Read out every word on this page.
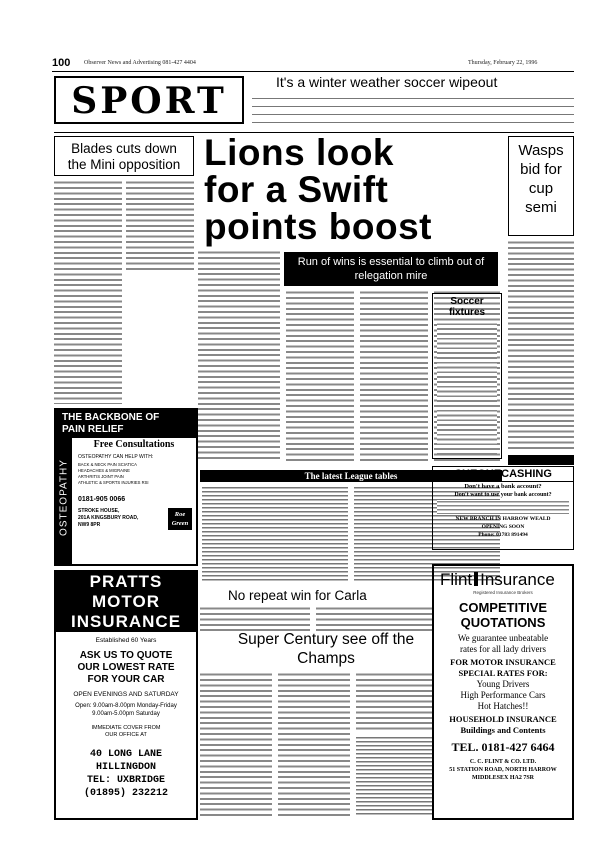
100 Observer News and Advertising 081-427 4404	Thursday, February 22, 1996
SPORT	It's a winter weather soccer wipeout
Blades cuts down the Mini opposition Lions look
for a Swift
points boost
Run of wins is essential to climb out of relegation mire
Wasps bid for cup semi
Soccer fixtures
The latest League tables
THE BACKBONE OF
PAIN RELIEF
OSTEOPATHY
Free Consultations
OSTEOPATHY CAN HELP WITH:
BACK & NECK PAIN SCIATICA
HEADACHES & MIGRAINE
ARTHRITIS JOINT PAIN
ATHLETIC & SPORTS INJURIES RSI
0181-905 0066
STROKE HOUSE,
201A KINGSBURY ROAD,
NW9 8PR
Roe Green
No repeat win for Carla
Super Century see off the Champs
PRATTS
MOTOR
INSURANCE
Established 60 Years
ASK US TO QUOTE
OUR LOWEST RATE
FOR YOUR CAR
OPEN EVENINGS AND SATURDAY
Open: 9.00am-8.00pm Monday-Friday
9.00am-5.00pm Saturday
IMMEDIATE COVER FROM
OUR OFFICE AT
40 LONG LANE
HILLINGDON
TEL: UXBRIDGE
(01895) 232212
CHEQUECASHING
Don't have a bank account?
Don't want to use your bank account?
NEW BRANCH IN HARROW WEALD
OPENING SOON
Phone: 01783 891494
Flint Insurance
Registered Insurance Brokers
COMPETITIVE
QUOTATIONS
We guarantee unbeatable
rates for all lady drivers
FOR MOTOR INSURANCE
SPECIAL RATES FOR:
Young Drivers
High Performance Cars
Hot Hatches!!
HOUSEHOLD INSURANCE
Buildings and Contents
TEL. 0181-427 6464
C. C. FLINT & CO. LTD.
51 STATION ROAD, NORTH HARROW
MIDDLESEX HA2 7SR
